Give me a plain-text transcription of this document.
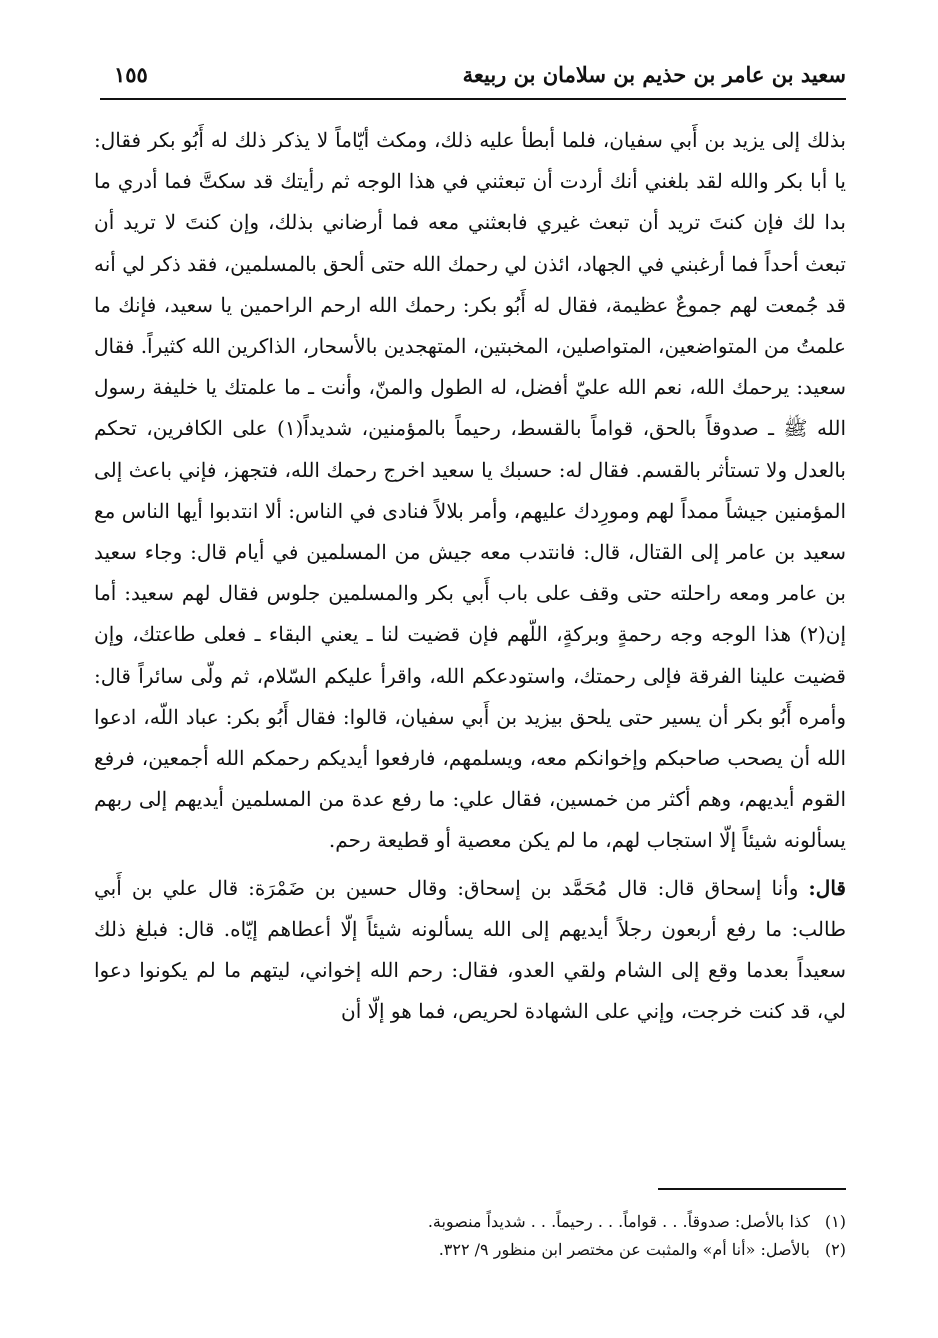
سعيد بن عامر بن حذيم بن سلامان بن ربيعة
١٥٥

بذلك إلى يزيد بن أَبي سفيان، فلما أبطأ عليه ذلك، ومكث أيّاماً لا يذكر ذلك له أَبُو بكر فقال: يا أبا بكر والله لقد بلغني أنك أردت أن تبعثني في هذا الوجه ثم رأيتك قد سكتَّ فما أدري ما بدا لك فإن كنتَ تريد أن تبعث غيري فابعثني معه فما أرضاني بذلك، وإن كنتَ لا تريد أن تبعث أحداً فما أرغبني في الجهاد، ائذن لي رحمك الله حتى ألحق بالمسلمين، فقد ذكر لي أنه قد جُمعت لهم جموعٌ عظيمة، فقال له أَبُو بكر: رحمك الله ارحم الراحمين يا سعيد، فإنك ما علمتُ من المتواضعين، المتواصلين، المخبتين، المتهجدين بالأسحار، الذاكرين الله كثيراً. فقال سعيد: يرحمك الله، نعم الله عليّ أفضل، له الطول والمنّ، وأنت ـ ما علمتك يا خليفة رسول الله ﷺ ـ صدوقاً بالحق، قواماً بالقسط، رحيماً بالمؤمنين، شديداً(١) على الكافرين، تحكم بالعدل ولا تستأثر بالقسم. فقال له: حسبك يا سعيد اخرج رحمك الله، فتجهز، فإني باعث إلى المؤمنين جيشاً ممداً لهم ومورِدك عليهم، وأمر بلالاً فنادى في الناس: ألا انتدبوا أيها الناس مع سعيد بن عامر إلى القتال، قال: فانتدب معه جيش من المسلمين في أيام قال: وجاء سعيد بن عامر ومعه راحلته حتى وقف على باب أَبي بكر والمسلمين جلوس فقال لهم سعيد: أما إن(٢) هذا الوجه وجه رحمةٍ وبركةٍ، اللّهم فإن قضيت لنا ـ يعني البقاء ـ فعلى طاعتك، وإن قضيت علينا الفرقة فإلى رحمتك، واستودعكم الله، واقرأ عليكم السّلام، ثم ولّى سائراً قال: وأمره أَبُو بكر أن يسير حتى يلحق بيزيد بن أَبي سفيان، قالوا: فقال أَبُو بكر: عباد اللّه، ادعوا الله أن يصحب صاحبكم وإخوانكم معه، ويسلمهم، فارفعوا أيديكم رحمكم الله أجمعين، فرفع القوم أيديهم، وهم أكثر من خمسين، فقال علي: ما رفع عدة من المسلمين أيديهم إلى ربهم يسألونه شيئاً إلّا استجاب لهم، ما لم يكن معصية أو قطيعة رحم.

قال: وأنا إسحاق قال: قال مُحَمَّد بن إسحاق: وقال حسين بن ضَمْرَة: قال علي بن أَبي طالب: ما رفع أربعون رجلاً أيديهم إلى الله يسألونه شيئاً إلّا أعطاهم إيّاه. قال: فبلغ ذلك سعيداً بعدما وقع إلى الشام ولقي العدو، فقال: رحم الله إخواني، ليتهم ما لم يكونوا دعوا لي، قد كنت خرجت، وإني على الشهادة لحريص، فما هو إلّا أن

(١)كذا بالأصل: صدوقاً. . . قواماً. . . رحيماً. . . شديداً منصوبة.
(٢)بالأصل: «أنا أم» والمثبت عن مختصر ابن منظور ٩/ ٣٢٢.
